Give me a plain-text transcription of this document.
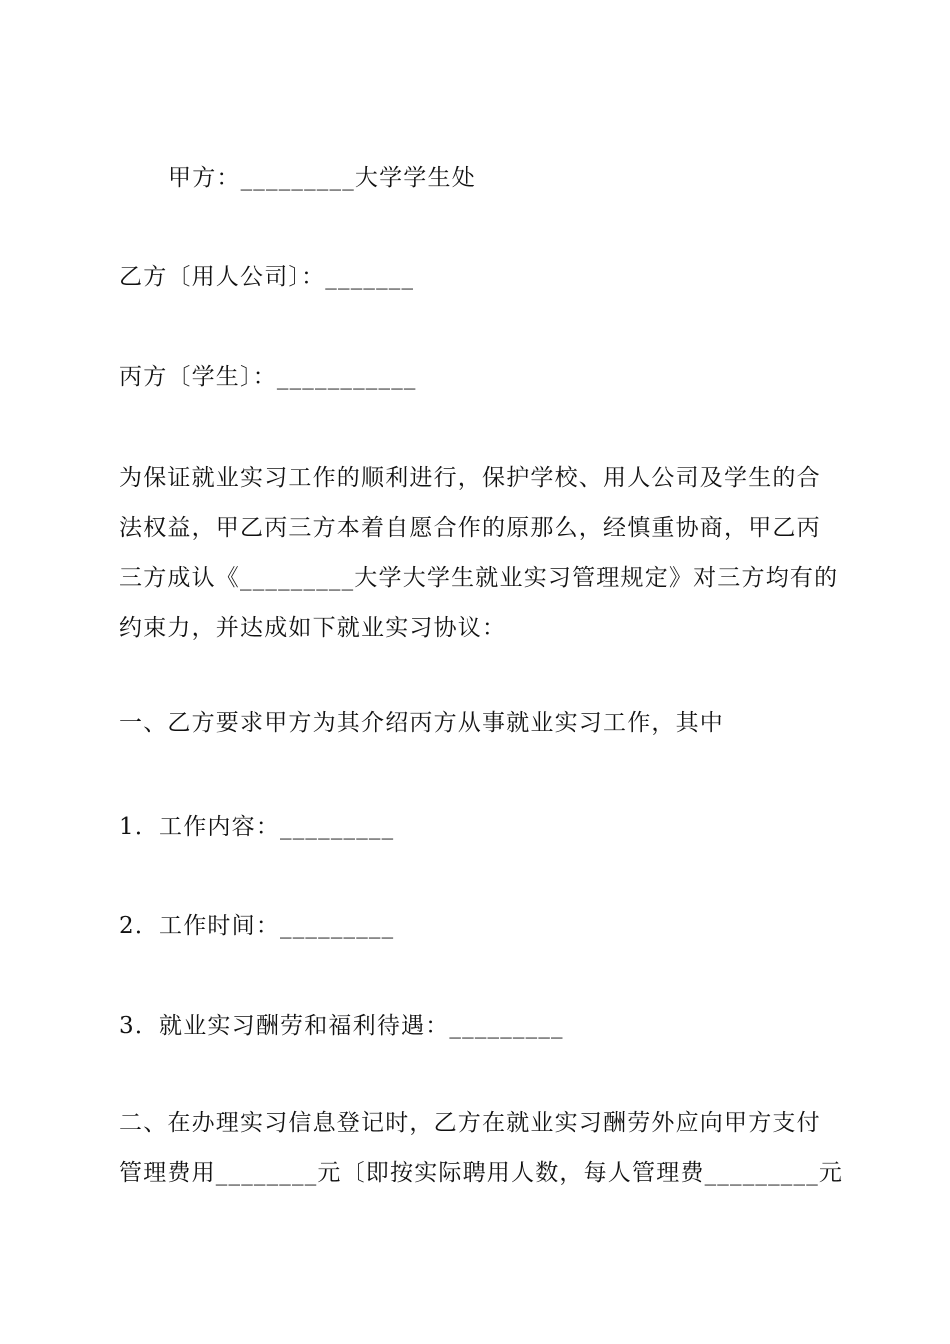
甲方：_________大学学生处
乙方〔用人公司〕：_______
丙方〔学生〕：___________
为保证就业实习工作的顺利进行，保护学校、用人公司及学生的合
法权益，甲乙丙三方本着自愿合作的原那么，经慎重协商，甲乙丙
三方成认《_________大学大学生就业实习管理规定》对三方均有的
约束力，并达成如下就业实习协议：
一、乙方要求甲方为其介绍丙方从事就业实习工作，其中
1．工作内容：_________
2．工作时间：_________
3．就业实习酬劳和福利待遇：_________
二、在办理实习信息登记时，乙方在就业实习酬劳外应向甲方支付
管理费用________元〔即按实际聘用人数，每人管理费_________元
